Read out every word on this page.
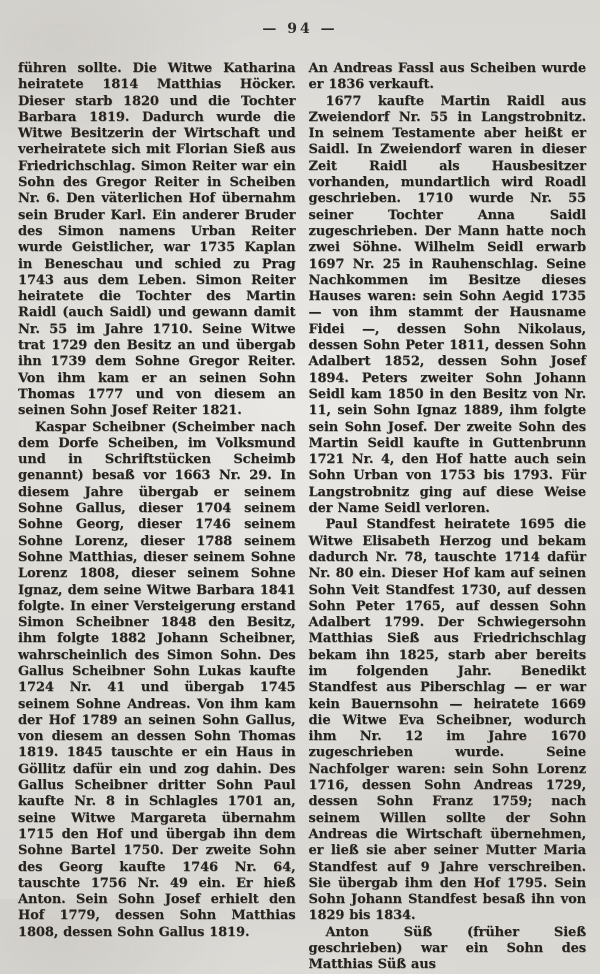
— 94 —

führen sollte. Die Witwe Katharina heiratete 1814 Matthias Höcker. Dieser starb 1820 und die Tochter Barbara 1819. Dadurch wurde die Witwe Besitzerin der Wirtschaft und verheiratete sich mit Florian Sieß aus Friedrichschlag. Simon Reiter war ein Sohn des Gregor Reiter in Scheiben Nr. 6. Den väterlichen Hof übernahm sein Bruder Karl. Ein anderer Bruder des Simon namens Urban Reiter wurde Geistlicher, war 1735 Kaplan in Beneschau und schied zu Prag 1743 aus dem Leben. Simon Reiter heiratete die Tochter des Martin Raidl (auch Saidl) und gewann damit Nr. 55 im Jahre 1710. Seine Witwe trat 1729 den Besitz an und übergab ihn 1739 dem Sohne Gregor Reiter. Von ihm kam er an seinen Sohn Thomas 1777 und von diesem an seinen Sohn Josef Reiter 1821.

Kaspar Scheibner (Scheimber nach dem Dorfe Scheiben, im Volksmund und in Schriftstücken Scheimb genannt) besaß vor 1663 Nr. 29. In diesem Jahre übergab er seinem Sohne Gallus, dieser 1704 seinem Sohne Georg, dieser 1746 seinem Sohne Lorenz, dieser 1788 seinem Sohne Matthias, dieser seinem Sohne Lorenz 1808, dieser seinem Sohne Ignaz, dem seine Witwe Barbara 1841 folgte. In einer Versteigerung erstand Simon Scheibner 1848 den Besitz, ihm folgte 1882 Johann Scheibner, wahrscheinlich des Simon Sohn. Des Gallus Scheibner Sohn Lukas kaufte 1724 Nr. 41 und übergab 1745 seinem Sohne Andreas. Von ihm kam der Hof 1789 an seinen Sohn Gallus, von diesem an dessen Sohn Thomas 1819. 1845 tauschte er ein Haus in Göllitz dafür ein und zog dahin. Des Gallus Scheibner dritter Sohn Paul kaufte Nr. 8 in Schlagles 1701 an, seine Witwe Margareta übernahm 1715 den Hof und übergab ihn dem Sohne Bartel 1750. Der zweite Sohn des Georg kaufte 1746 Nr. 64, tauschte 1756 Nr. 49 ein. Er hieß Anton. Sein Sohn Josef erhielt den Hof 1779, dessen Sohn Matthias 1808, dessen Sohn Gallus 1819.

An Andreas Fassl aus Scheiben wurde er 1836 verkauft.

1677 kaufte Martin Raidl aus Zweiendorf Nr. 55 in Langstrobnitz. In seinem Testamente aber heißt er Saidl. In Zweiendorf waren in dieser Zeit Raidl als Hausbesitzer vorhanden, mundartlich wird Roadl geschrieben. 1710 wurde Nr. 55 seiner Tochter Anna Saidl zugeschrieben. Der Mann hatte noch zwei Söhne. Wilhelm Seidl erwarb 1697 Nr. 25 in Rauhenschlag. Seine Nachkommen im Besitze dieses Hauses waren: sein Sohn Aegid 1735 — von ihm stammt der Hausname Fidei —, dessen Sohn Nikolaus, dessen Sohn Peter 1811, dessen Sohn Adalbert 1852, dessen Sohn Josef 1894. Peters zweiter Sohn Johann Seidl kam 1850 in den Besitz von Nr. 11, sein Sohn Ignaz 1889, ihm folgte sein Sohn Josef. Der zweite Sohn des Martin Seidl kaufte in Guttenbrunn 1721 Nr. 4, den Hof hatte auch sein Sohn Urban von 1753 bis 1793. Für Langstrobnitz ging auf diese Weise der Name Seidl verloren.

Paul Standfest heiratete 1695 die Witwe Elisabeth Herzog und bekam dadurch Nr. 78, tauschte 1714 dafür Nr. 80 ein. Dieser Hof kam auf seinen Sohn Veit Standfest 1730, auf dessen Sohn Peter 1765, auf dessen Sohn Adalbert 1799. Der Schwiegersohn Matthias Sieß aus Friedrichschlag bekam ihn 1825, starb aber bereits im folgenden Jahr. Benedikt Standfest aus Piberschlag — er war kein Bauernsohn — heiratete 1669 die Witwe Eva Scheibner, wodurch ihm Nr. 12 im Jahre 1670 zugeschrieben wurde. Seine Nachfolger waren: sein Sohn Lorenz 1716, dessen Sohn Andreas 1729, dessen Sohn Franz 1759; nach seinem Willen sollte der Sohn Andreas die Wirtschaft übernehmen, er ließ sie aber seiner Mutter Maria Standfest auf 9 Jahre verschreiben. Sie übergab ihm den Hof 1795. Sein Sohn Johann Standfest besaß ihn von 1829 bis 1834.

Anton Süß (früher Sieß geschrieben) war ein Sohn des Matthias Süß aus
